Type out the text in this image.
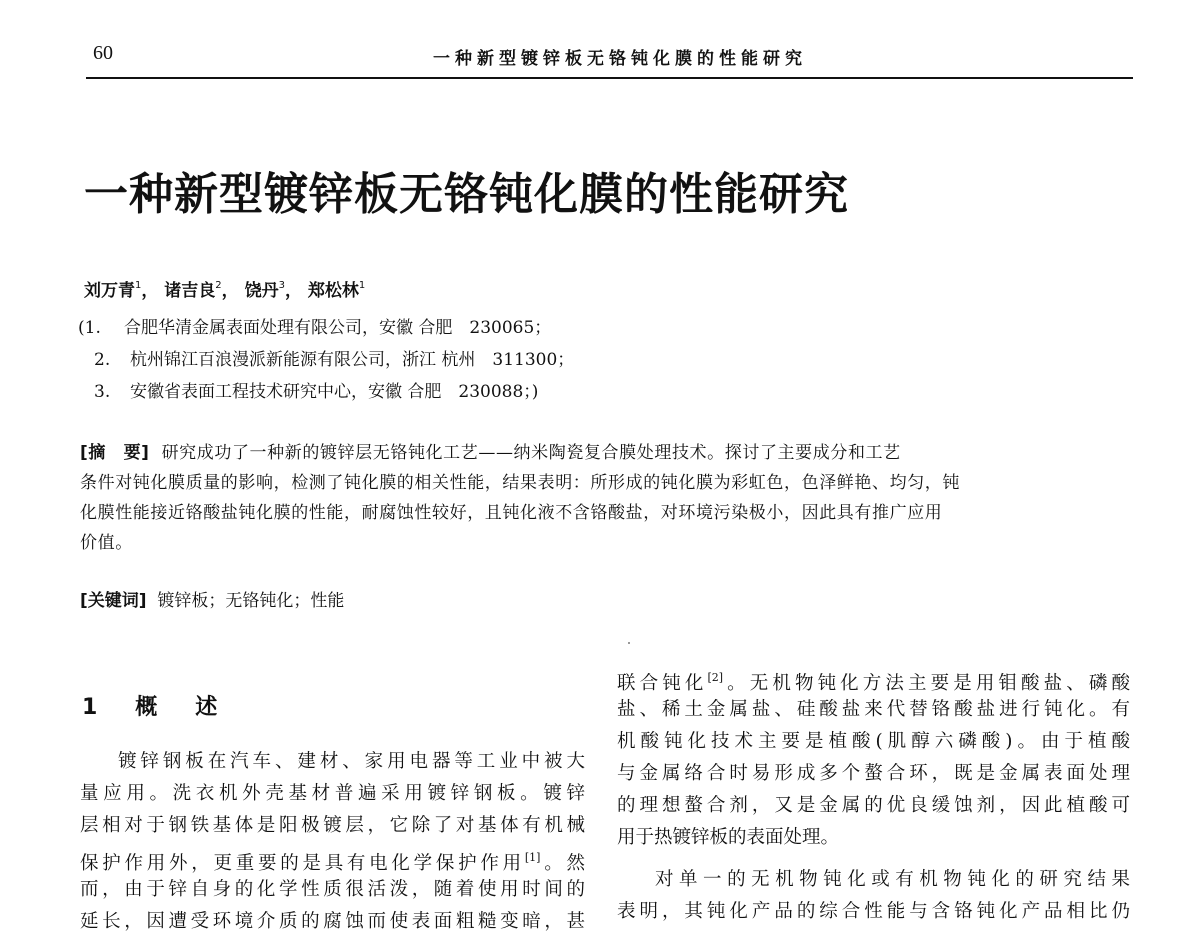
60	一种新型镀锌板无铬钝化膜的性能研究
一种新型镀锌板无铬钝化膜的性能研究
刘万青$^1$， 诸吉良$^2$， 饶丹$^3$， 郑松林$^1$
(1. 合肥华清金属表面处理有限公司，安徽 合肥　230065；
2. 杭州锦江百浪漫派新能源有限公司，浙江 杭州　311300；
3. 安徽省表面工程技术研究中心，安徽 合肥　230088；)
[摘　要] 研究成功了一种新的镀锌层无铬钝化工艺——纳米陶瓷复合膜处理技术。探讨了主要成分和工艺
条件对钝化膜质量的影响，检测了钝化膜的相关性能，结果表明：所形成的钝化膜为彩虹色，色泽鲜艳、均匀，钝
化膜性能接近铬酸盐钝化膜的性能，耐腐蚀性较好，且钝化液不含铬酸盐，对环境污染极小，因此具有推广应用
价值。
[关键词] 镀锌板；无铬钝化；性能
1　概　述

镀锌钢板在汽车、建材、家用电器等工业中被大

量应用。洗衣机外壳基材普遍采用镀锌钢板。镀锌

层相对于钢铁基体是阳极镀层，它除了对基体有机械

保护作用外，更重要的是具有电化学保护作用[1]。然

而，由于锌自身的化学性质很活泼，随着使用时间的

延长，因遭受环境介质的腐蚀而使表面粗糙变暗，甚

联合钝化[2]。无机物钝化方法主要是用钼酸盐、磷酸

盐、稀土金属盐、硅酸盐来代替铬酸盐进行钝化。有

机酸钝化技术主要是植酸(肌醇六磷酸)。由于植酸

与金属络合时易形成多个螯合环，既是金属表面处理

的理想螯合剂，又是金属的优良缓蚀剂，因此植酸可

用于热镀锌板的表面处理。

对单一的无机物钝化或有机物钝化的研究结果

表明，其钝化产品的综合性能与含铬钝化产品相比仍
